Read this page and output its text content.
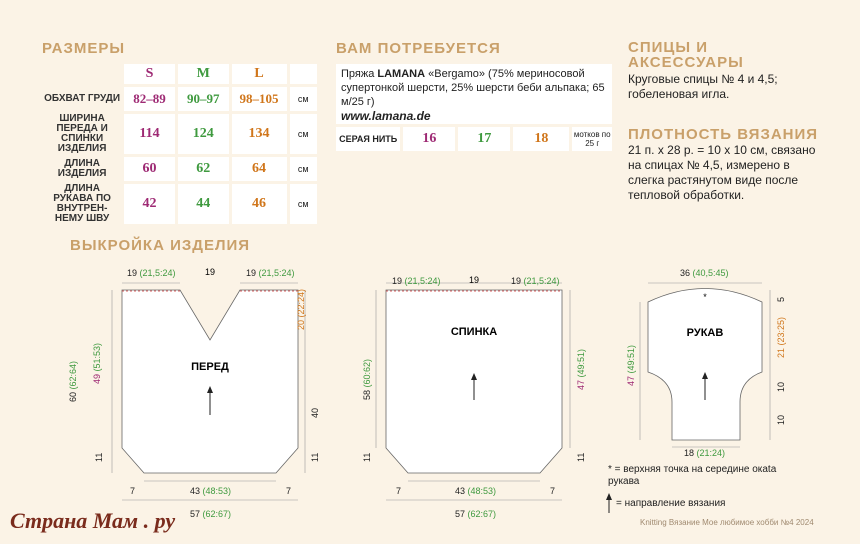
РАЗМЕРЫ
	S	M	L	
ОБХВАТ ГРУДИ	82–89	90–97	98–105	см
ШИРИНА ПЕРЕДА И СПИНКИ ИЗДЕЛИЯ	114	124	134	см
ДЛИНА ИЗДЕЛИЯ	60	62	64	см
ДЛИНА РУКАВА ПО ВНУТРЕН-НЕМУ ШВУ	42	44	46	см
ВАМ ПОТРЕБУЕТСЯ
Пряжа LAMANA «Bergamo» (75% мериносовой супертонкой шерсти, 25% шерсти беби альпака; 65 м/25 г)
www.lamana.de
СЕРАЯ НИТЬ	16	17	18	мотков по 25 г
СПИЦЫ И АКСЕССУАРЫ
Круговые спицы № 4 и 4,5; гобеленовая игла.
ПЛОТНОСТЬ ВЯЗАНИЯ
21 п. х 28 р. = 10 х 10 см, связано на спицах № 4,5, измерено в слегка растянутом виде после тепловой обработки.
ВЫКРОЙКА ИЗДЕЛИЯ
ПЕРЕД
19
СПИНКА
19
*
РУКАВ
19 (21,5:24)	19 (21,5:24)
20 (22:24)
40
60 (62:64) 49 (51:53)
11	11
7	7
43 (48:53)
57 (62:67)
19 (21,5:24)	19 (21,5:24)
58 (60:62)	47 (49:51)
11	11
7	7
43 (48:53)
57 (62:67)
36 (40,5:45)
5
21 (23:25)
10
10
47 (49:51)
18 (21:24)
* = верхняя точка на середине окаta рукава
= направление вязания
Страна Мам . ру	Knitting Вязание Мое любимое хобби №4 2024
